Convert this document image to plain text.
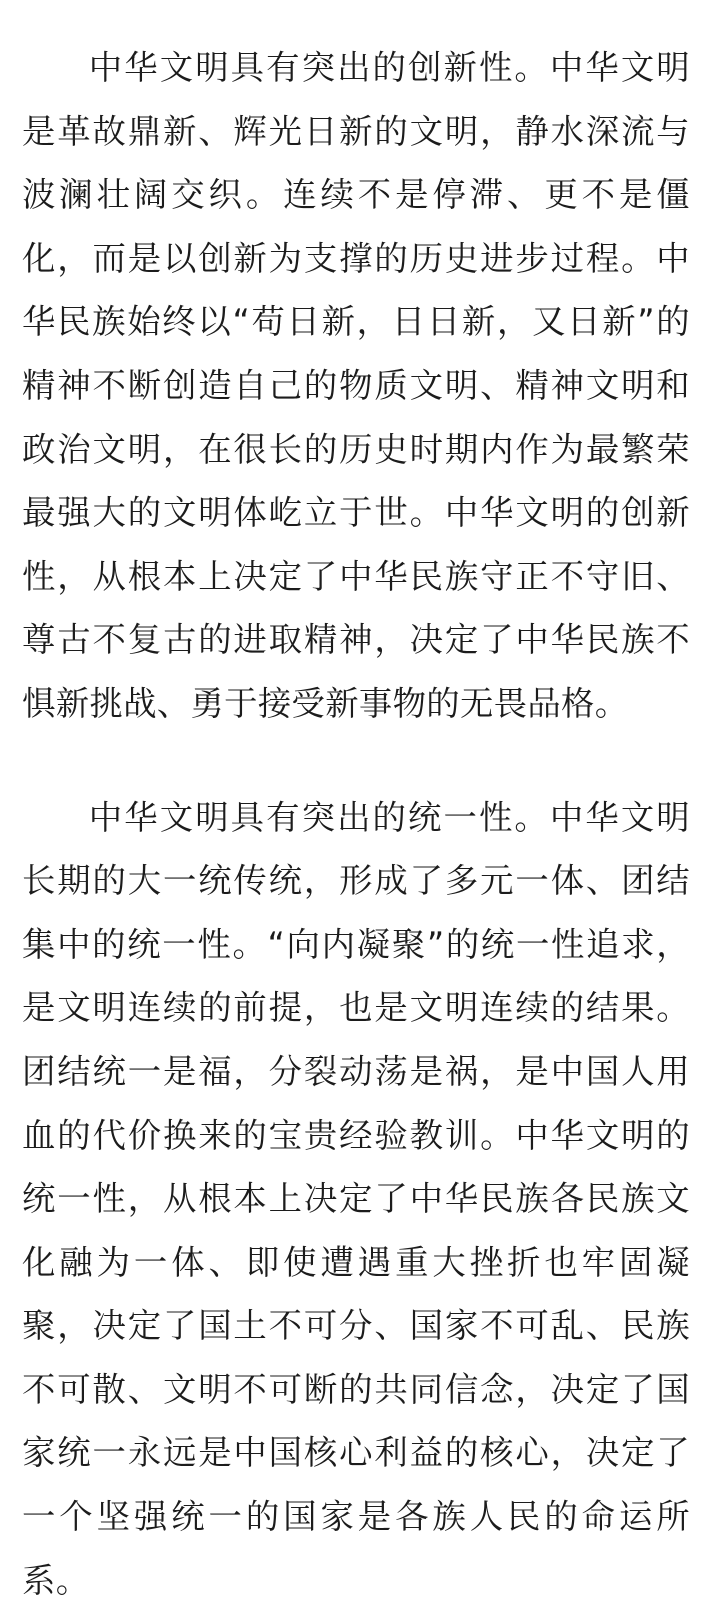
中华文明具有突出的创新性。中华文明是革故鼎新、辉光日新的文明，静水深流与波澜壮阔交织。连续不是停滞、更不是僵化，而是以创新为支撑的历史进步过程。中华民族始终以“苟日新，日日新，又日新”的精神不断创造自己的物质文明、精神文明和政治文明，在很长的历史时期内作为最繁荣最强大的文明体屹立于世。中华文明的创新性，从根本上决定了中华民族守正不守旧、尊古不复古的进取精神，决定了中华民族不惧新挑战、勇于接受新事物的无畏品格。

中华文明具有突出的统一性。中华文明长期的大一统传统，形成了多元一体、团结集中的统一性。“向内凝聚”的统一性追求，是文明连续的前提，也是文明连续的结果。团结统一是福，分裂动荡是祸，是中国人用血的代价换来的宝贵经验教训。中华文明的统一性，从根本上决定了中华民族各民族文化融为一体、即使遭遇重大挫折也牢固凝聚，决定了国土不可分、国家不可乱、民族不可散、文明不可断的共同信念，决定了国家统一永远是中国核心利益的核心，决定了一个坚强统一的国家是各族人民的命运所系。
